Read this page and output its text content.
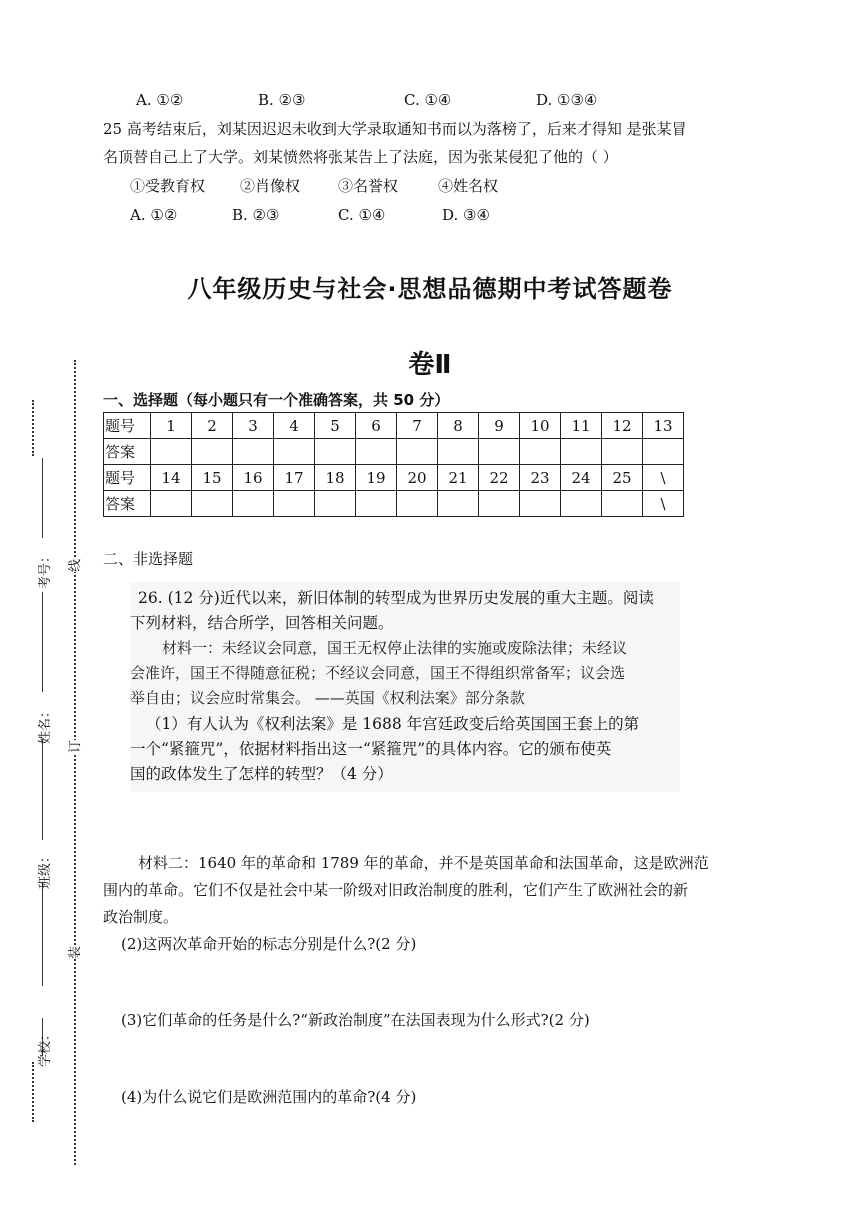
A. ①②	B. ②③	C. ①④	D. ①③④
25 高考结束后，刘某因迟迟未收到大学录取通知书而以为落榜了，后来才得知 是张某冒
名顶替自己上了大学。刘某愤然将张某告上了法庭，因为张某侵犯了他的（ ）
①受教育权 ②肖像权	③名誉权	④姓名权
A. ①②	B. ②③	C. ①④	D. ③④
八年级历史与社会·思想品德期中考试答题卷
卷Ⅱ
一、选择题（每小题只有一个准确答案，共 50 分）
题号	1	2	3	4	5	6	7	8	9	10	11	12	13
答案													
题号	14	15	16	17	18	19	20	21	22	23	24	25	\
答案													\
二、非选择题
26. (12 分)近代以来，新旧体制的转型成为世界历史发展的重大主题。阅读
下列材料，结合所学，回答相关问题。
材料一：未经议会同意，国王无权停止法律的实施或废除法律；未经议
会准许，国王不得随意征税；不经议会同意，国王不得组织常备军；议会选
举自由；议会应时常集会。 ——英国《权利法案》部分条款
（1）有人认为《权利法案》是 1688 年宫廷政变后给英国国王套上的第
一个“紧箍咒”，依据材料指出这一“紧箍咒”的具体内容。它的颁布使英
国的政体发生了怎样的转型？（4 分）
材料二：1640 年的革命和 1789 年的革命，并不是英国革命和法国革命，这是欧洲范
围内的革命。它们不仅是社会中某一阶级对旧政治制度的胜利，它们产生了欧洲社会的新
政治制度。
(2)这两次革命开始的标志分别是什么?(2 分)
(3)它们革命的任务是什么?“新政治制度”在法国表现为什么形式?(2 分)
(4)为什么说它们是欧洲范围内的革命?(4 分)
考号：
姓名：
班级：
学校：
线
订
装
